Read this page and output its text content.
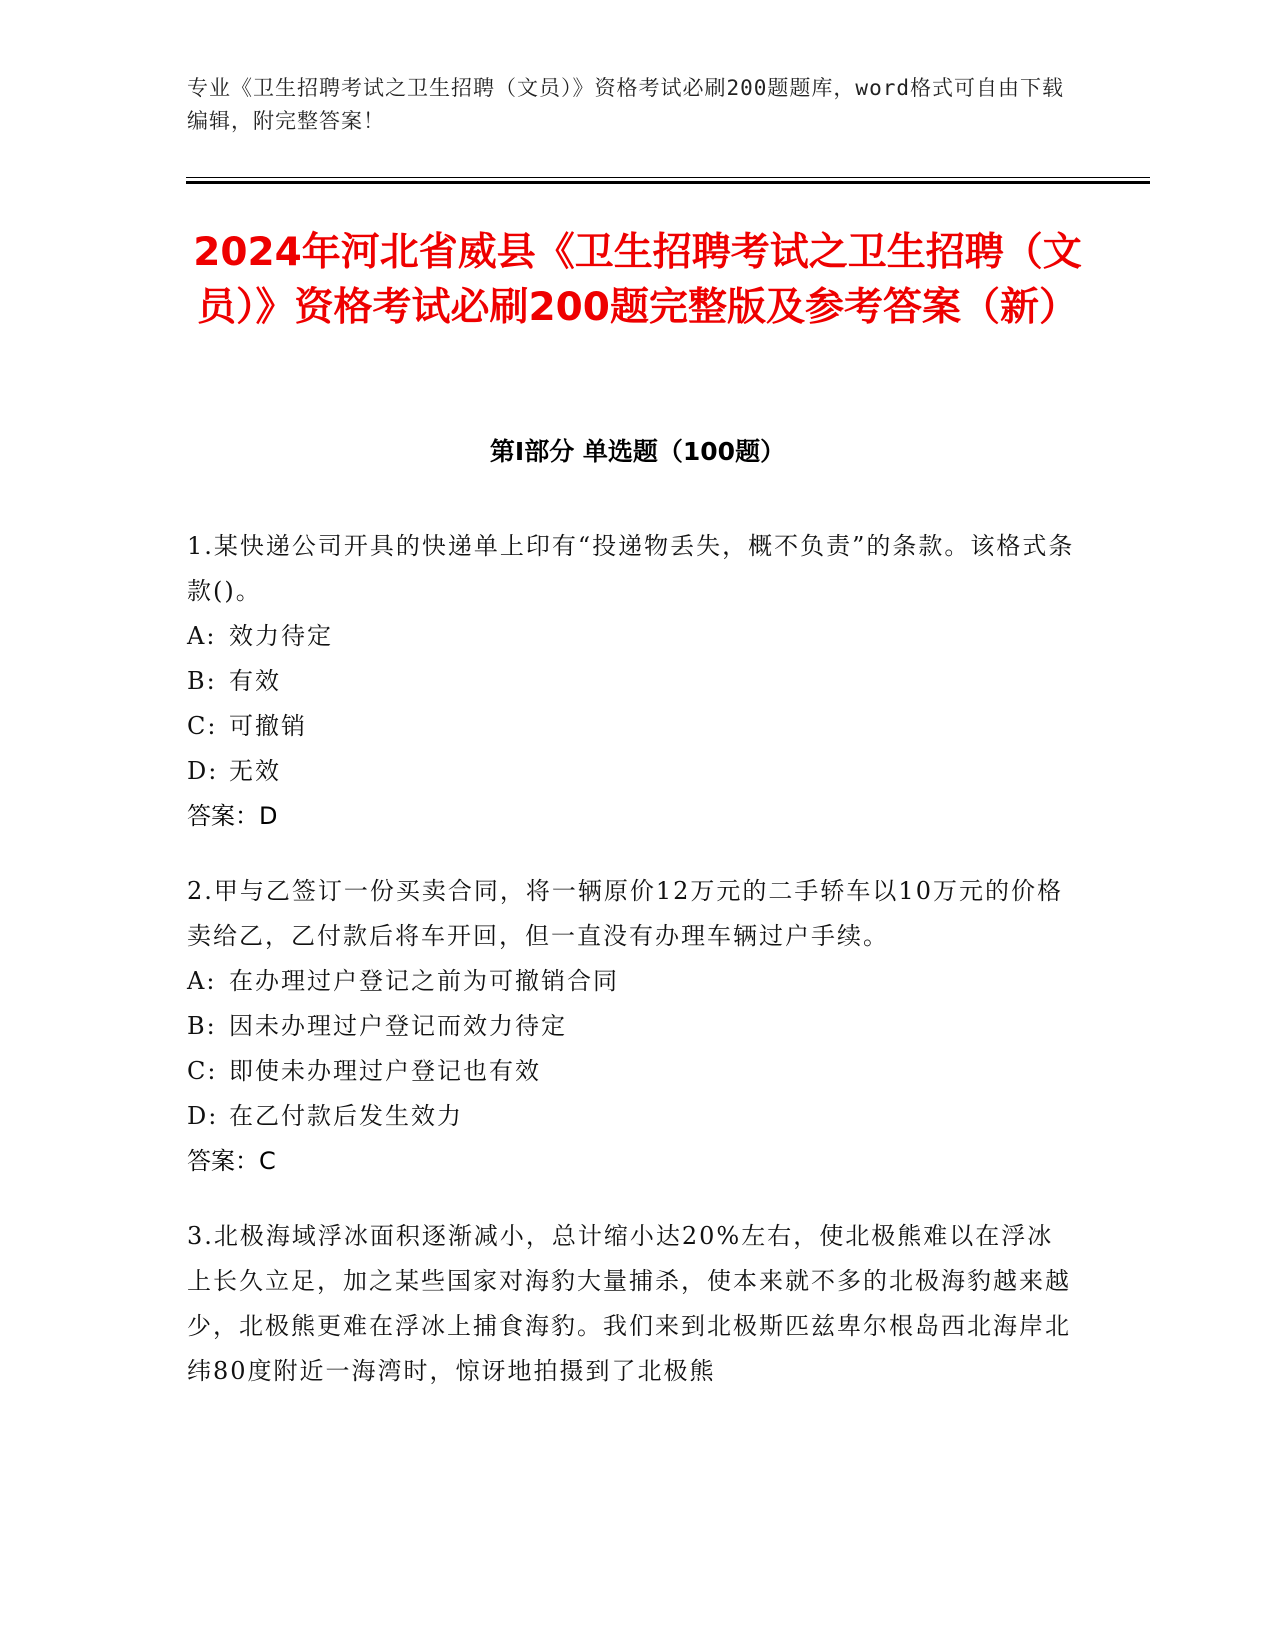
专业《卫生招聘考试之卫生招聘（文员）》资格考试必刷200题题库，word格式可自由下载编辑，附完整答案！
2024年河北省威县《卫生招聘考试之卫生招聘（文员）》资格考试必刷200题完整版及参考答案（新）
第Ⅰ部分 单选题（100题）
1.某快递公司开具的快递单上印有“投递物丢失，概不负责”的条款。该格式条款()。
A: 效力待定
B: 有效
C: 可撤销
D: 无效
答案：D
2.甲与乙签订一份买卖合同，将一辆原价12万元的二手轿车以10万元的价格卖给乙，乙付款后将车开回，但一直没有办理车辆过户手续。
A: 在办理过户登记之前为可撤销合同
B: 因未办理过户登记而效力待定
C: 即使未办理过户登记也有效
D: 在乙付款后发生效力
答案：C
3.北极海域浮冰面积逐渐减小，总计缩小达20%左右，使北极熊难以在浮冰上长久立足，加之某些国家对海豹大量捕杀，使本来就不多的北极海豹越来越少，北极熊更难在浮冰上捕食海豹。我们来到北极斯匹兹卑尔根岛西北海岸北纬80度附近一海湾时，惊讶地拍摄到了北极熊
